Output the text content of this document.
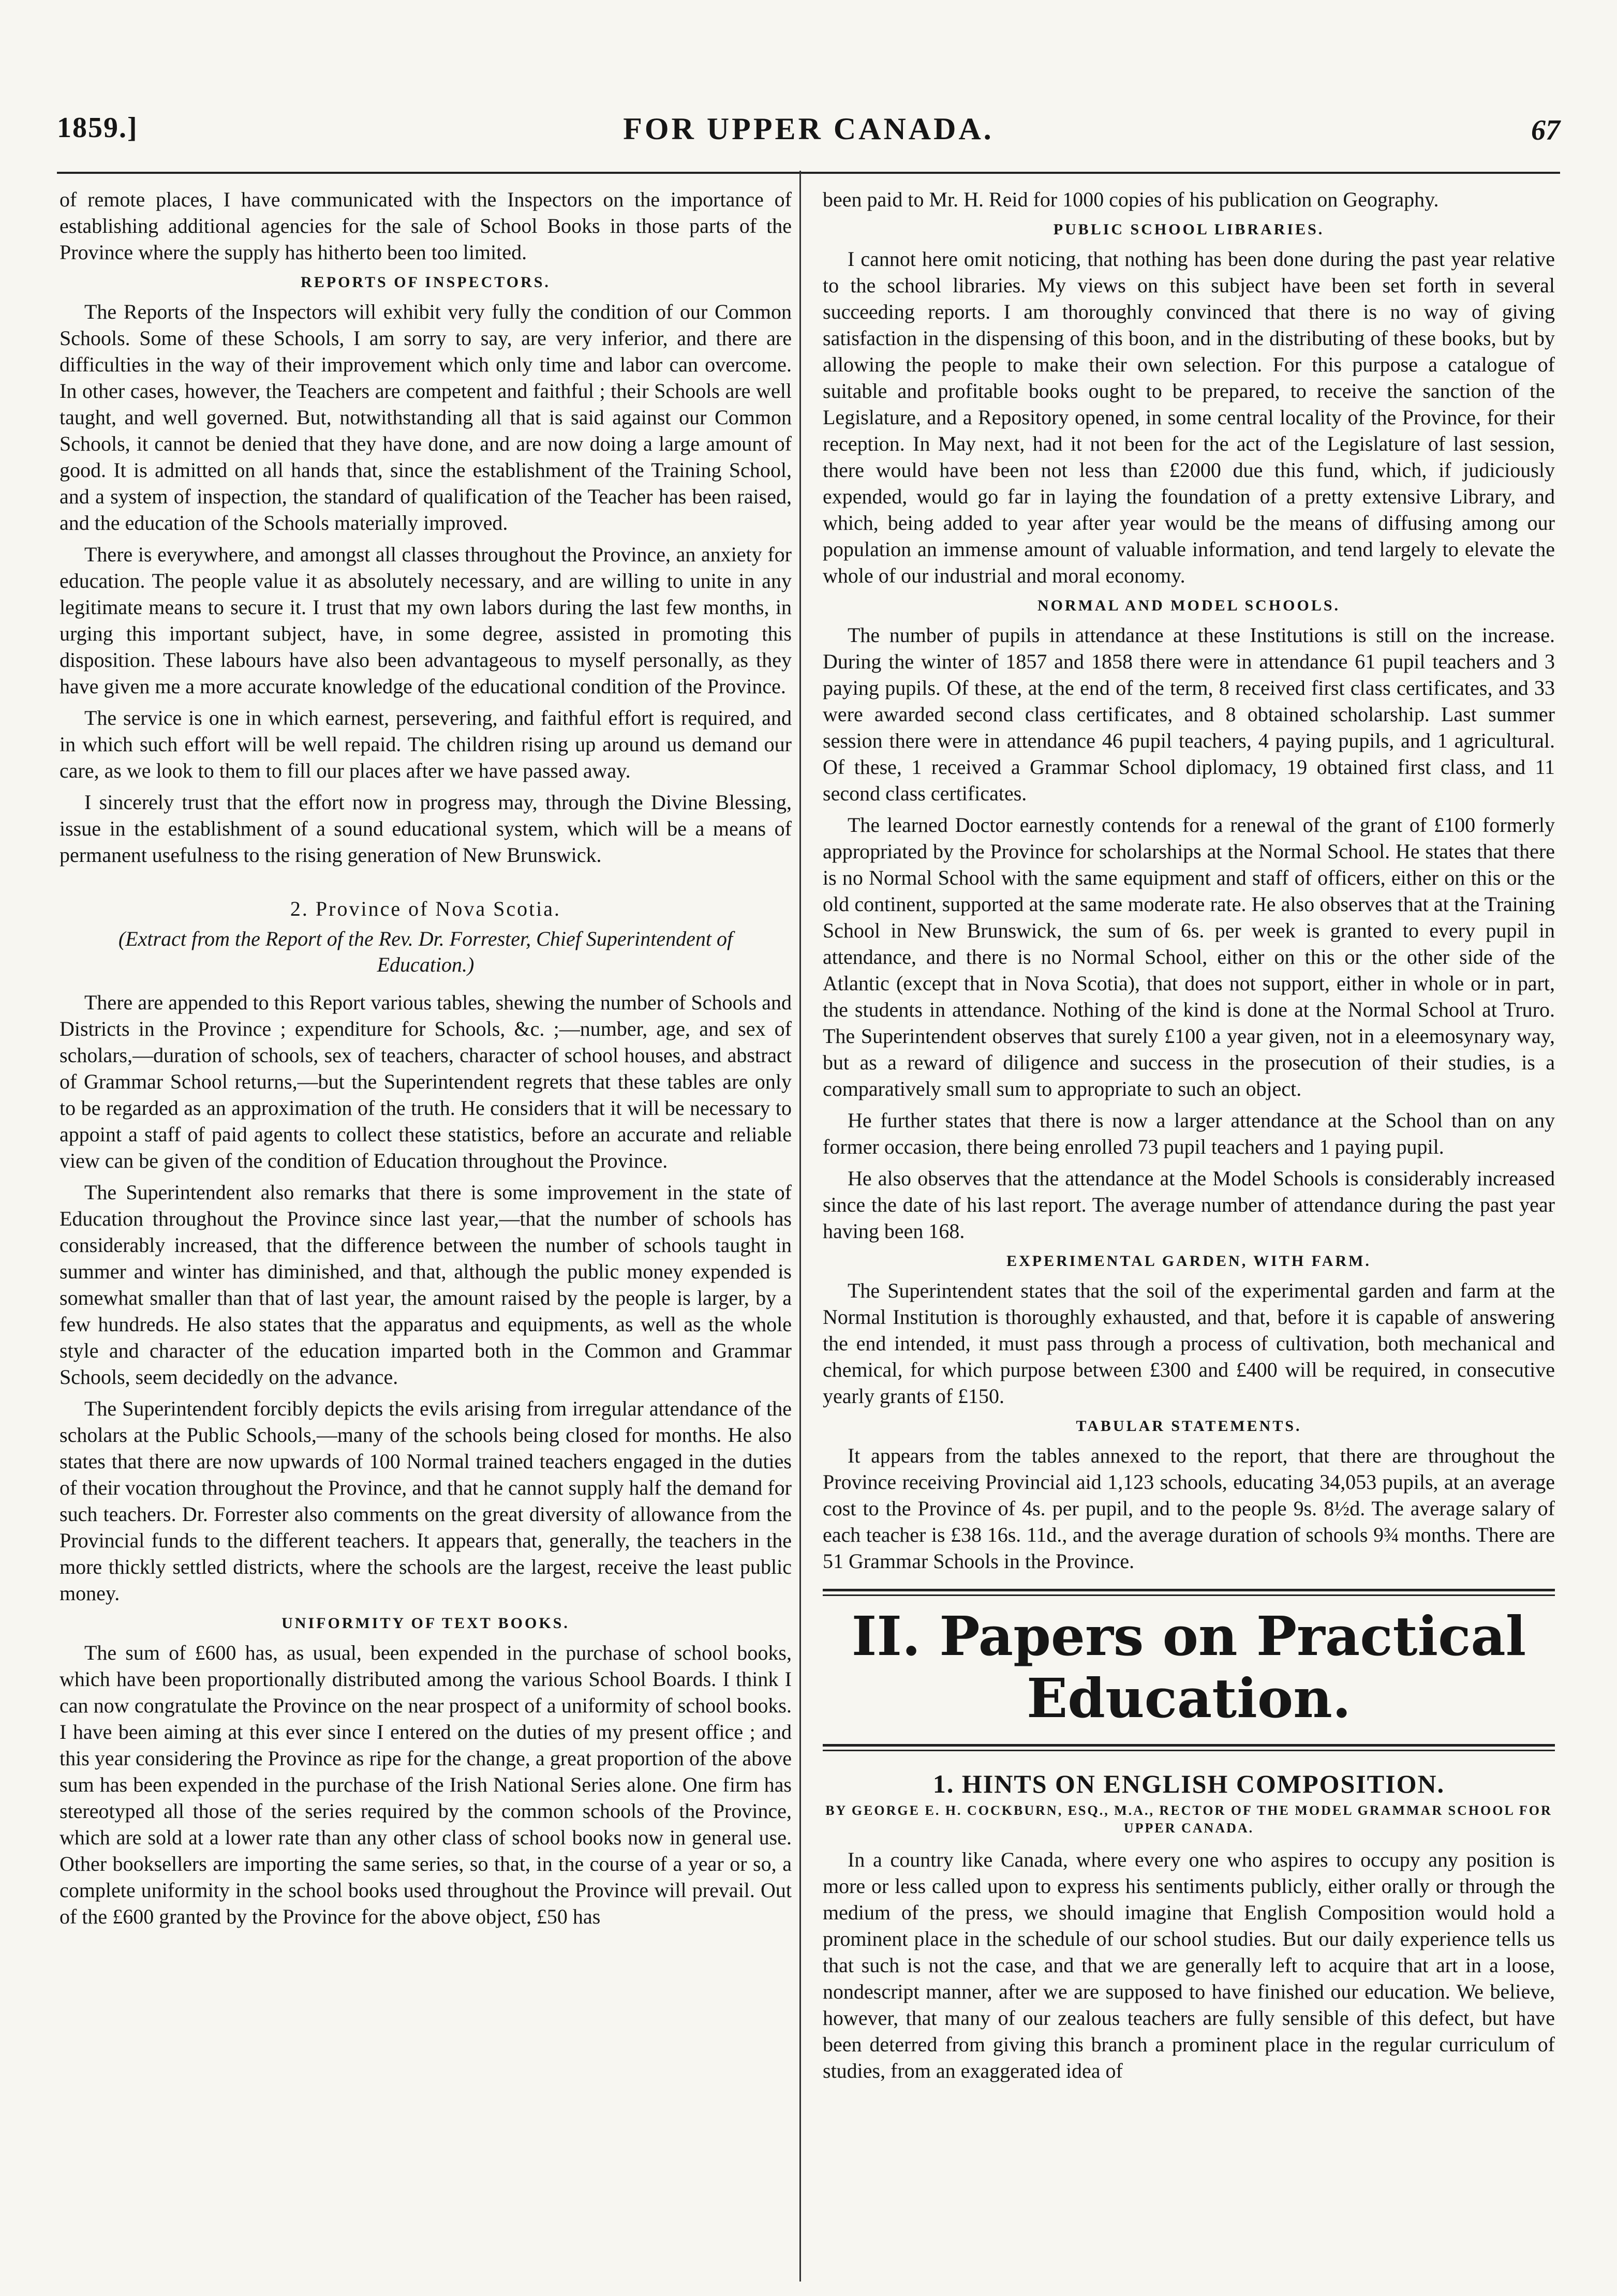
1859.]	FOR UPPER CANADA.	67

of remote places, I have communicated with the Inspectors on the importance of establishing additional agencies for the sale of School Books in those parts of the Province where the supply has hitherto been too limited.

REPORTS OF INSPECTORS.

The Reports of the Inspectors will exhibit very fully the condition of our Common Schools. Some of these Schools, I am sorry to say, are very inferior, and there are difficulties in the way of their improvement which only time and labor can overcome. In other cases, however, the Teachers are competent and faithful ; their Schools are well taught, and well governed. But, notwithstanding all that is said against our Common Schools, it cannot be denied that they have done, and are now doing a large amount of good. It is admitted on all hands that, since the establishment of the Training School, and a system of inspection, the standard of qualification of the Teacher has been raised, and the education of the Schools materially improved.

There is everywhere, and amongst all classes throughout the Province, an anxiety for education. The people value it as absolutely necessary, and are willing to unite in any legitimate means to secure it. I trust that my own labors during the last few months, in urging this important subject, have, in some degree, assisted in promoting this disposition. These labours have also been advantageous to myself personally, as they have given me a more accurate knowledge of the educational condition of the Province.

The service is one in which earnest, persevering, and faithful effort is required, and in which such effort will be well repaid. The children rising up around us demand our care, as we look to them to fill our places after we have passed away.

I sincerely trust that the effort now in progress may, through the Divine Blessing, issue in the establishment of a sound educational system, which will be a means of permanent usefulness to the rising generation of New Brunswick.

2. Province of Nova Scotia.
(Extract from the Report of the Rev. Dr. Forrester, Chief Superintendent of Education.)

There are appended to this Report various tables, shewing the number of Schools and Districts in the Province ; expenditure for Schools, &c. ;—number, age, and sex of scholars,—duration of schools, sex of teachers, character of school houses, and abstract of Grammar School returns,—but the Superintendent regrets that these tables are only to be regarded as an approximation of the truth. He considers that it will be necessary to appoint a staff of paid agents to collect these statistics, before an accurate and reliable view can be given of the condition of Education throughout the Province.

The Superintendent also remarks that there is some improvement in the state of Education throughout the Province since last year,—that the number of schools has considerably increased, that the difference between the number of schools taught in summer and winter has diminished, and that, although the public money expended is somewhat smaller than that of last year, the amount raised by the people is larger, by a few hundreds. He also states that the apparatus and equipments, as well as the whole style and character of the education imparted both in the Common and Grammar Schools, seem decidedly on the advance.

The Superintendent forcibly depicts the evils arising from irregular attendance of the scholars at the Public Schools,—many of the schools being closed for months. He also states that there are now upwards of 100 Normal trained teachers engaged in the duties of their vocation throughout the Province, and that he cannot supply half the demand for such teachers. Dr. Forrester also comments on the great diversity of allowance from the Provincial funds to the different teachers. It appears that, generally, the teachers in the more thickly settled districts, where the schools are the largest, receive the least public money.

UNIFORMITY OF TEXT BOOKS.

The sum of £600 has, as usual, been expended in the purchase of school books, which have been proportionally distributed among the various School Boards. I think I can now congratulate the Province on the near prospect of a uniformity of school books. I have been aiming at this ever since I entered on the duties of my present office ; and this year considering the Province as ripe for the change, a great proportion of the above sum has been expended in the purchase of the Irish National Series alone. One firm has stereotyped all those of the series required by the common schools of the Province, which are sold at a lower rate than any other class of school books now in general use. Other booksellers are importing the same series, so that, in the course of a year or so, a complete uniformity in the school books used throughout the Province will prevail. Out of the £600 granted by the Province for the above object, £50 has

been paid to Mr. H. Reid for 1000 copies of his publication on Geography.

PUBLIC SCHOOL LIBRARIES.

I cannot here omit noticing, that nothing has been done during the past year relative to the school libraries. My views on this subject have been set forth in several succeeding reports. I am thoroughly convinced that there is no way of giving satisfaction in the dispensing of this boon, and in the distributing of these books, but by allowing the people to make their own selection. For this purpose a catalogue of suitable and profitable books ought to be prepared, to receive the sanction of the Legislature, and a Repository opened, in some central locality of the Province, for their reception. In May next, had it not been for the act of the Legislature of last session, there would have been not less than £2000 due this fund, which, if judiciously expended, would go far in laying the foundation of a pretty extensive Library, and which, being added to year after year would be the means of diffusing among our population an immense amount of valuable information, and tend largely to elevate the whole of our industrial and moral economy.

NORMAL AND MODEL SCHOOLS.

The number of pupils in attendance at these Institutions is still on the increase. During the winter of 1857 and 1858 there were in attendance 61 pupil teachers and 3 paying pupils. Of these, at the end of the term, 8 received first class certificates, and 33 were awarded second class certificates, and 8 obtained scholarship. Last summer session there were in attendance 46 pupil teachers, 4 paying pupils, and 1 agricultural. Of these, 1 received a Grammar School diplomacy, 19 obtained first class, and 11 second class certificates.

The learned Doctor earnestly contends for a renewal of the grant of £100 formerly appropriated by the Province for scholarships at the Normal School. He states that there is no Normal School with the same equipment and staff of officers, either on this or the old continent, supported at the same moderate rate. He also observes that at the Training School in New Brunswick, the sum of 6s. per week is granted to every pupil in attendance, and there is no Normal School, either on this or the other side of the Atlantic (except that in Nova Scotia), that does not support, either in whole or in part, the students in attendance. Nothing of the kind is done at the Normal School at Truro. The Superintendent observes that surely £100 a year given, not in a eleemosynary way, but as a reward of diligence and success in the prosecution of their studies, is a comparatively small sum to appropriate to such an object.

He further states that there is now a larger attendance at the School than on any former occasion, there being enrolled 73 pupil teachers and 1 paying pupil.

He also observes that the attendance at the Model Schools is considerably increased since the date of his last report. The average number of attendance during the past year having been 168.

EXPERIMENTAL GARDEN, WITH FARM.

The Superintendent states that the soil of the experimental garden and farm at the Normal Institution is thoroughly exhausted, and that, before it is capable of answering the end intended, it must pass through a process of cultivation, both mechanical and chemical, for which purpose between £300 and £400 will be required, in consecutive yearly grants of £150.

TABULAR STATEMENTS.

It appears from the tables annexed to the report, that there are throughout the Province receiving Provincial aid 1,123 schools, educating 34,053 pupils, at an average cost to the Province of 4s. per pupil, and to the people 9s. 8½d. The average salary of each teacher is £38 16s. 11d., and the average duration of schools 9¾ months. There are 51 Grammar Schools in the Province.

II. Papers on Practical Education.
1. HINTS ON ENGLISH COMPOSITION.
BY GEORGE E. H. COCKBURN, ESQ., M.A., RECTOR OF THE MODEL GRAMMAR SCHOOL FOR UPPER CANADA.

In a country like Canada, where every one who aspires to occupy any position is more or less called upon to express his sentiments publicly, either orally or through the medium of the press, we should imagine that English Composition would hold a prominent place in the schedule of our school studies. But our daily experience tells us that such is not the case, and that we are generally left to acquire that art in a loose, nondescript manner, after we are supposed to have finished our education. We believe, however, that many of our zealous teachers are fully sensible of this defect, but have been deterred from giving this branch a prominent place in the regular curriculum of studies, from an exaggerated idea of
